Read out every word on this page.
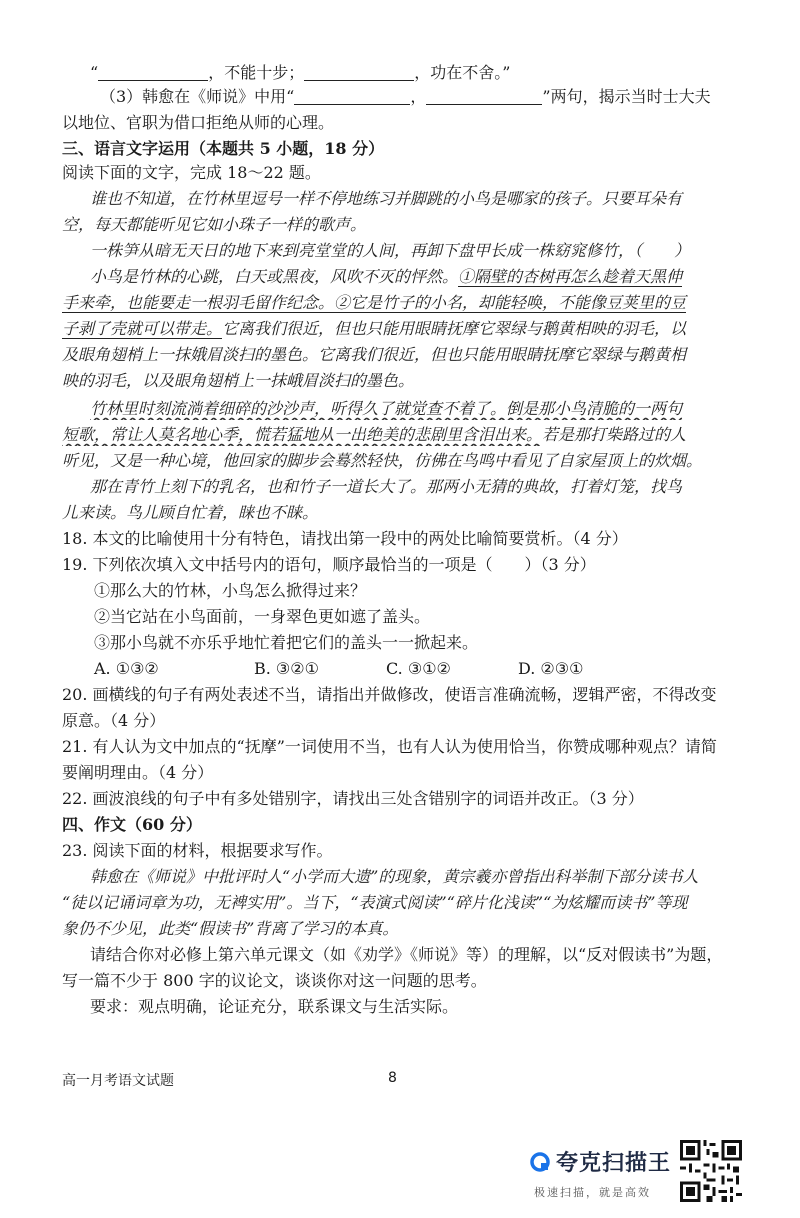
“	，不能十步；	，功在不舍。”
（3）韩愈在《师说》中用“	，	”两句，揭示当时士大夫
以地位、官职为借口拒绝从师的心理。
三、语言文字运用（本题共 5 小题，18 分）
阅读下面的文字，完成 18～22 题。
谁也不知道，在竹林里逗号一样不停地练习并脚跳的小鸟是哪家的孩子。只要耳朵有
空，每天都能听见它如小珠子一样的歌声。
一株笋从暗无天日的地下来到亮堂堂的人间，再卸下盘甲长成一株窈窕修竹，（　　）
小鸟是竹林的心跳，白天或黑夜，风吹不灭的怦然。①隔壁的杏树再怎么趁着天黑伸
手来牵，也能要走一根羽毛留作纪念。②它是竹子的小名，却能轻唤，不能像豆荚里的豆
子剥了壳就可以带走。它离我们很近，但也只能用眼睛抚摩它翠绿与鹅黄相映的羽毛，以
及眼角翅梢上一抹娥眉淡扫的墨色。它离我们很近，但也只能用眼睛抚摩它翠绿与鹅黄相
映的羽毛，以及眼角翅梢上一抹峨眉淡扫的墨色。
竹林里时刻流淌着细碎的沙沙声，听得久了就觉查不着了。倒是那小鸟清脆的一两句
短歌，常让人莫名地心季，慌若猛地从一出绝美的悲剧里含泪出来。若是那打柴路过的人
听见，又是一种心境，他回家的脚步会蓦然轻快，仿佛在鸟鸣中看见了自家屋顶上的炊烟。
那在青竹上刻下的乳名，也和竹子一道长大了。那两小无猜的典故，打着灯笼，找鸟
儿来读。鸟儿顾自忙着，睐也不睐。
18. 本文的比喻使用十分有特色，请找出第一段中的两处比喻简要赏析。（4 分）
19. 下列依次填入文中括号内的语句，顺序最恰当的一项是（　　）（3 分）
①那么大的竹林，小鸟怎么掀得过来？
②当它站在小鸟面前，一身翠色更如遮了盖头。
③那小鸟就不亦乐乎地忙着把它们的盖头一一掀起来。
A. ①③②	B. ③②①	C. ③①②	D. ②③①
20. 画横线的句子有两处表述不当，请指出并做修改，使语言准确流畅，逻辑严密，不得改变
原意。（4 分）
21. 有人认为文中加点的“抚摩”一词使用不当，也有人认为使用恰当，你赞成哪种观点？请简
要阐明理由。（4 分）
22. 画波浪线的句子中有多处错别字，请找出三处含错别字的词语并改正。（3 分）
四、作文（60 分）
23. 阅读下面的材料，根据要求写作。
韩愈在《师说》中批评时人“小学而大遗”的现象，黄宗羲亦曾指出科举制下部分读书人
“徒以记诵词章为功，无裨实用”。当下，“表演式阅读”“碎片化浅读”“为炫耀而读书”等现
象仍不少见，此类“假读书”背离了学习的本真。
请结合你对必修上第六单元课文（如《劝学》《师说》等）的理解，以“反对假读书”为题，
写一篇不少于 800 字的议论文，谈谈你对这一问题的思考。
要求：观点明确，论证充分，联系课文与生活实际。
高一月考语文试题	8
夸克扫描王
极速扫描，就是高效
